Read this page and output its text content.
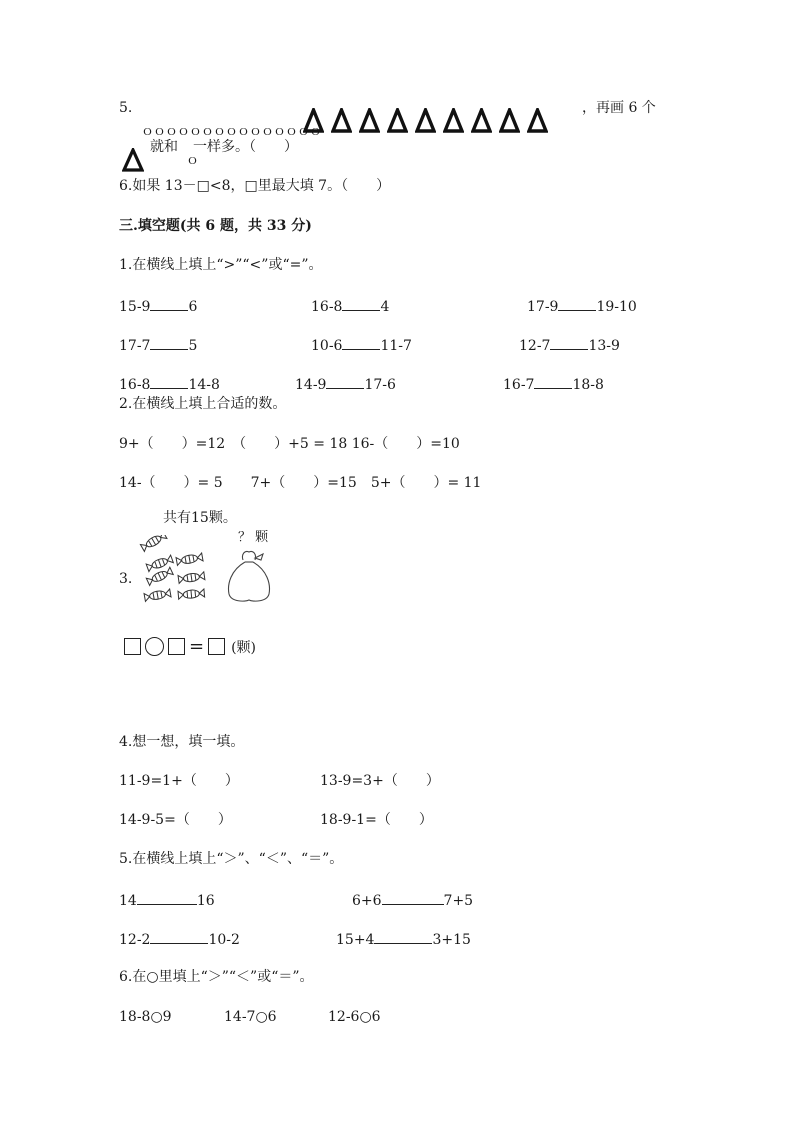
5.
ｏｏｏｏｏｏｏｏｏｏｏｏｏｏｏ
，再画 6 个
就和
ｏ
一样多。（　　）
6.如果 13－□<8，□里最大填 7。（　　）
三.填空题(共 6 题，共 33 分)
1.在横线上填上“>”“<”或“=”。
15-9	6	16-8	4	17-9	19-10
17-7	5	10-6	11-7	12-7	13-9
16-8	14-8	14-9	17-6	16-7	18-8
2.在横线上填上合适的数。
9+（　　）=12　（　　）+5 = 18 16-（　　）=10
14-（　　）= 5　　7+（　　）=15　5+（　　）= 11
共有15颗。
？ 颗
3.
= (颗)
4.想一想，填一填。
11-9=1+（　　）	13-9=3+（　　）
14-9-5=（　　）	18-9-1=（　　）
5.在横线上填上“＞”、“＜”、“＝”。
14	16	6+6	7+5
12-2	10-2	15+4	3+15
6.在○里填上“＞”“＜”或“＝”。
18-8○9	14-7○6	12-6○6
